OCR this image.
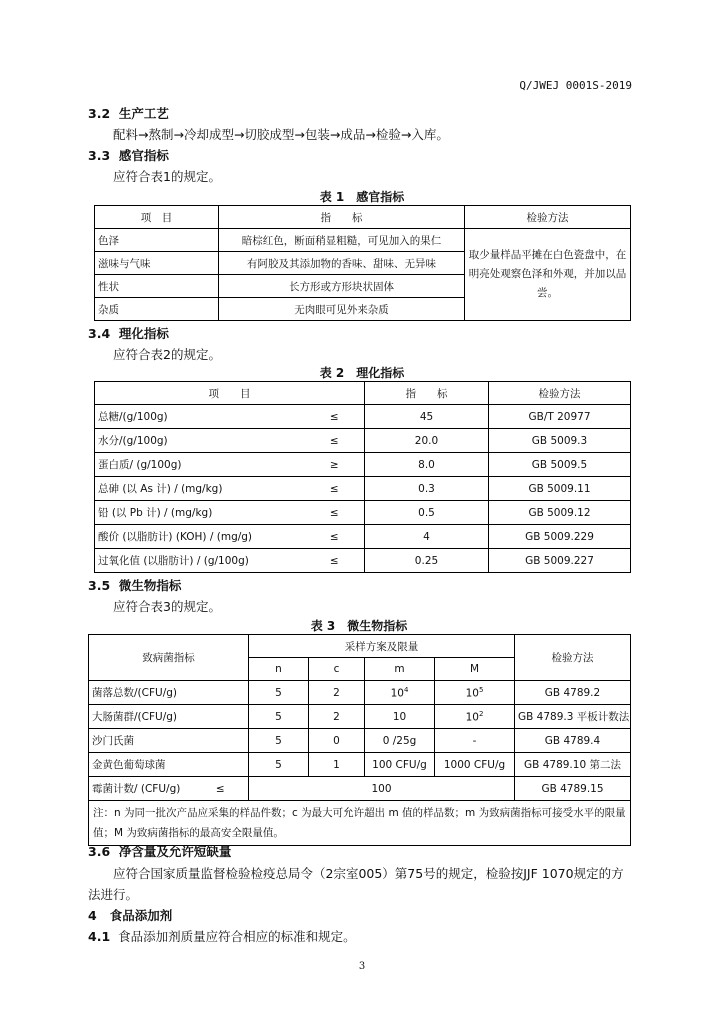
Q/JWEJ 0001S-2019
3.2 生产工艺
配料→熬制→冷却成型→切胶成型→包装→成品→检验→入库。
3.3 感官指标
应符合表1的规定。
表 1　感官指标
项　目	指　　标	检验方法
色泽	暗棕红色，断面稍显粗糙，可见加入的果仁	取少量样品平摊在白色瓷盘中，在明亮处观察色泽和外观，并加以品尝。
滋味与气味	有阿胶及其添加物的香味、甜味、无异味	
性状	长方形或方形块状固体	
杂质	无肉眼可见外来杂质	
3.4 理化指标
应符合表2的规定。
表 2　理化指标
项　　目		指　　标	检验方法
总糖/(g/100g)	≤	45	GB/T 20977
水分/(g/100g)	≤	20.0	GB 5009.3
蛋白质/ (g/100g)	≥	8.0	GB 5009.5
总砷 (以 As 计) / (mg/kg)	≤	0.3	GB 5009.11
铅 (以 Pb 计) / (mg/kg)	≤	0.5	GB 5009.12
酸价 (以脂肪计) (KOH) / (mg/g)	≤	4	GB 5009.229
过氧化值 (以脂肪计) / (g/100g)	≤	0.25	GB 5009.227
3.5 微生物指标
应符合表3的规定。
表 3　微生物指标
致病菌指标		采样方案及限量				检验方法
		n	c	m	M	
菌落总数/(CFU/g)		5	2	$10^4$	$10^5$	GB 4789.2
大肠菌群/(CFU/g)		5	2	10	$10^2$	GB 4789.3 平板计数法
沙门氏菌		5	0	0 /25g	-	GB 4789.4
金黄色葡萄球菌		5	1	100 CFU/g	1000 CFU/g	GB 4789.10 第二法
霉菌计数/ (CFU/g)	≤	100				GB 4789.15
注：n 为同一批次产品应采集的样品件数；c 为最大可允许超出 m 值的样品数；m 为致病菌指标可接受水平的限量值；M 为致病菌指标的最高安全限量值。						
3.6 净含量及允许短缺量
应符合国家质量监督检验检疫总局令（2宗室005）第75号的规定，检验按JJF 1070规定的方法进行。
4 食品添加剂
4.1 食品添加剂质量应符合相应的标准和规定。
3
